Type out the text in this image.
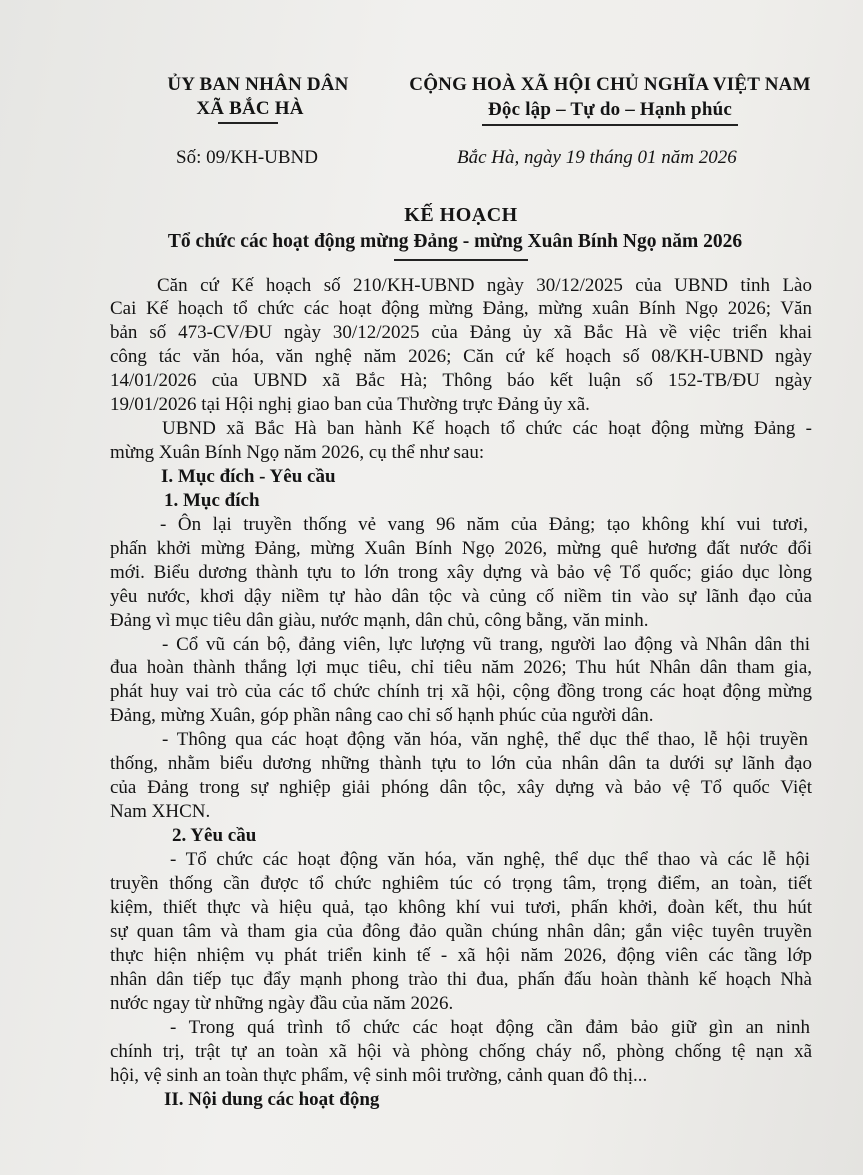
ỦY BAN NHÂN DÂN
XÃ BẮC HÀ
CỘNG HOÀ XÃ HỘI CHỦ NGHĨA VIỆT NAM
Độc lập – Tự do – Hạnh phúc
Số: 09/KH-UBND	Bắc Hà, ngày 19 tháng 01 năm 2026
KẾ HOẠCH
Tổ chức các hoạt động mừng Đảng - mừng Xuân Bính Ngọ năm 2026
Căn cứ Kế hoạch số 210/KH-UBND ngày 30/12/2025 của UBND tỉnh Lào
Cai Kế hoạch tổ chức các hoạt động mừng Đảng, mừng xuân Bính Ngọ 2026; Văn
bản số 473-CV/ĐU ngày 30/12/2025 của Đảng ủy xã Bắc Hà về việc triển khai
công tác văn hóa, văn nghệ năm 2026; Căn cứ kế hoạch số 08/KH-UBND ngày
14/01/2026 của UBND xã Bắc Hà; Thông báo kết luận số 152-TB/ĐU ngày
19/01/2026 tại Hội nghị giao ban của Thường trực Đảng ủy xã.
UBND xã Bắc Hà ban hành Kế hoạch tổ chức các hoạt động mừng Đảng -
mừng Xuân Bính Ngọ năm 2026, cụ thể như sau:
I. Mục đích - Yêu cầu
1. Mục đích
- Ôn lại truyền thống vẻ vang 96 năm của Đảng; tạo không khí vui tươi,
phấn khởi mừng Đảng, mừng Xuân Bính Ngọ 2026, mừng quê hương đất nước đổi
mới. Biểu dương thành tựu to lớn trong xây dựng và bảo vệ Tổ quốc; giáo dục lòng
yêu nước, khơi dậy niềm tự hào dân tộc và củng cố niềm tin vào sự lãnh đạo của
Đảng vì mục tiêu dân giàu, nước mạnh, dân chủ, công bằng, văn minh.
- Cổ vũ cán bộ, đảng viên, lực lượng vũ trang, người lao động và Nhân dân thi
đua hoàn thành thắng lợi mục tiêu, chỉ tiêu năm 2026; Thu hút Nhân dân tham gia,
phát huy vai trò của các tổ chức chính trị xã hội, cộng đồng trong các hoạt động mừng
Đảng, mừng Xuân, góp phần nâng cao chỉ số hạnh phúc của người dân.
- Thông qua các hoạt động văn hóa, văn nghệ, thể dục thể thao, lễ hội truyền
thống, nhằm biểu dương những thành tựu to lớn của nhân dân ta dưới sự lãnh đạo
của Đảng trong sự nghiệp giải phóng dân tộc, xây dựng và bảo vệ Tổ quốc Việt
Nam XHCN.
2. Yêu cầu
- Tổ chức các hoạt động văn hóa, văn nghệ, thể dục thể thao và các lễ hội
truyền thống cần được tổ chức nghiêm túc có trọng tâm, trọng điểm, an toàn, tiết
kiệm, thiết thực và hiệu quả, tạo không khí vui tươi, phấn khởi, đoàn kết, thu hút
sự quan tâm và tham gia của đông đảo quần chúng nhân dân; gắn việc tuyên truyền
thực hiện nhiệm vụ phát triển kinh tế - xã hội năm 2026, động viên các tầng lớp
nhân dân tiếp tục đẩy mạnh phong trào thi đua, phấn đấu hoàn thành kế hoạch Nhà
nước ngay từ những ngày đầu của năm 2026.
- Trong quá trình tổ chức các hoạt động cần đảm bảo giữ gìn an ninh
chính trị, trật tự an toàn xã hội và phòng chống cháy nổ, phòng chống tệ nạn xã
hội, vệ sinh an toàn thực phẩm, vệ sinh môi trường, cảnh quan đô thị...
II. Nội dung các hoạt động
